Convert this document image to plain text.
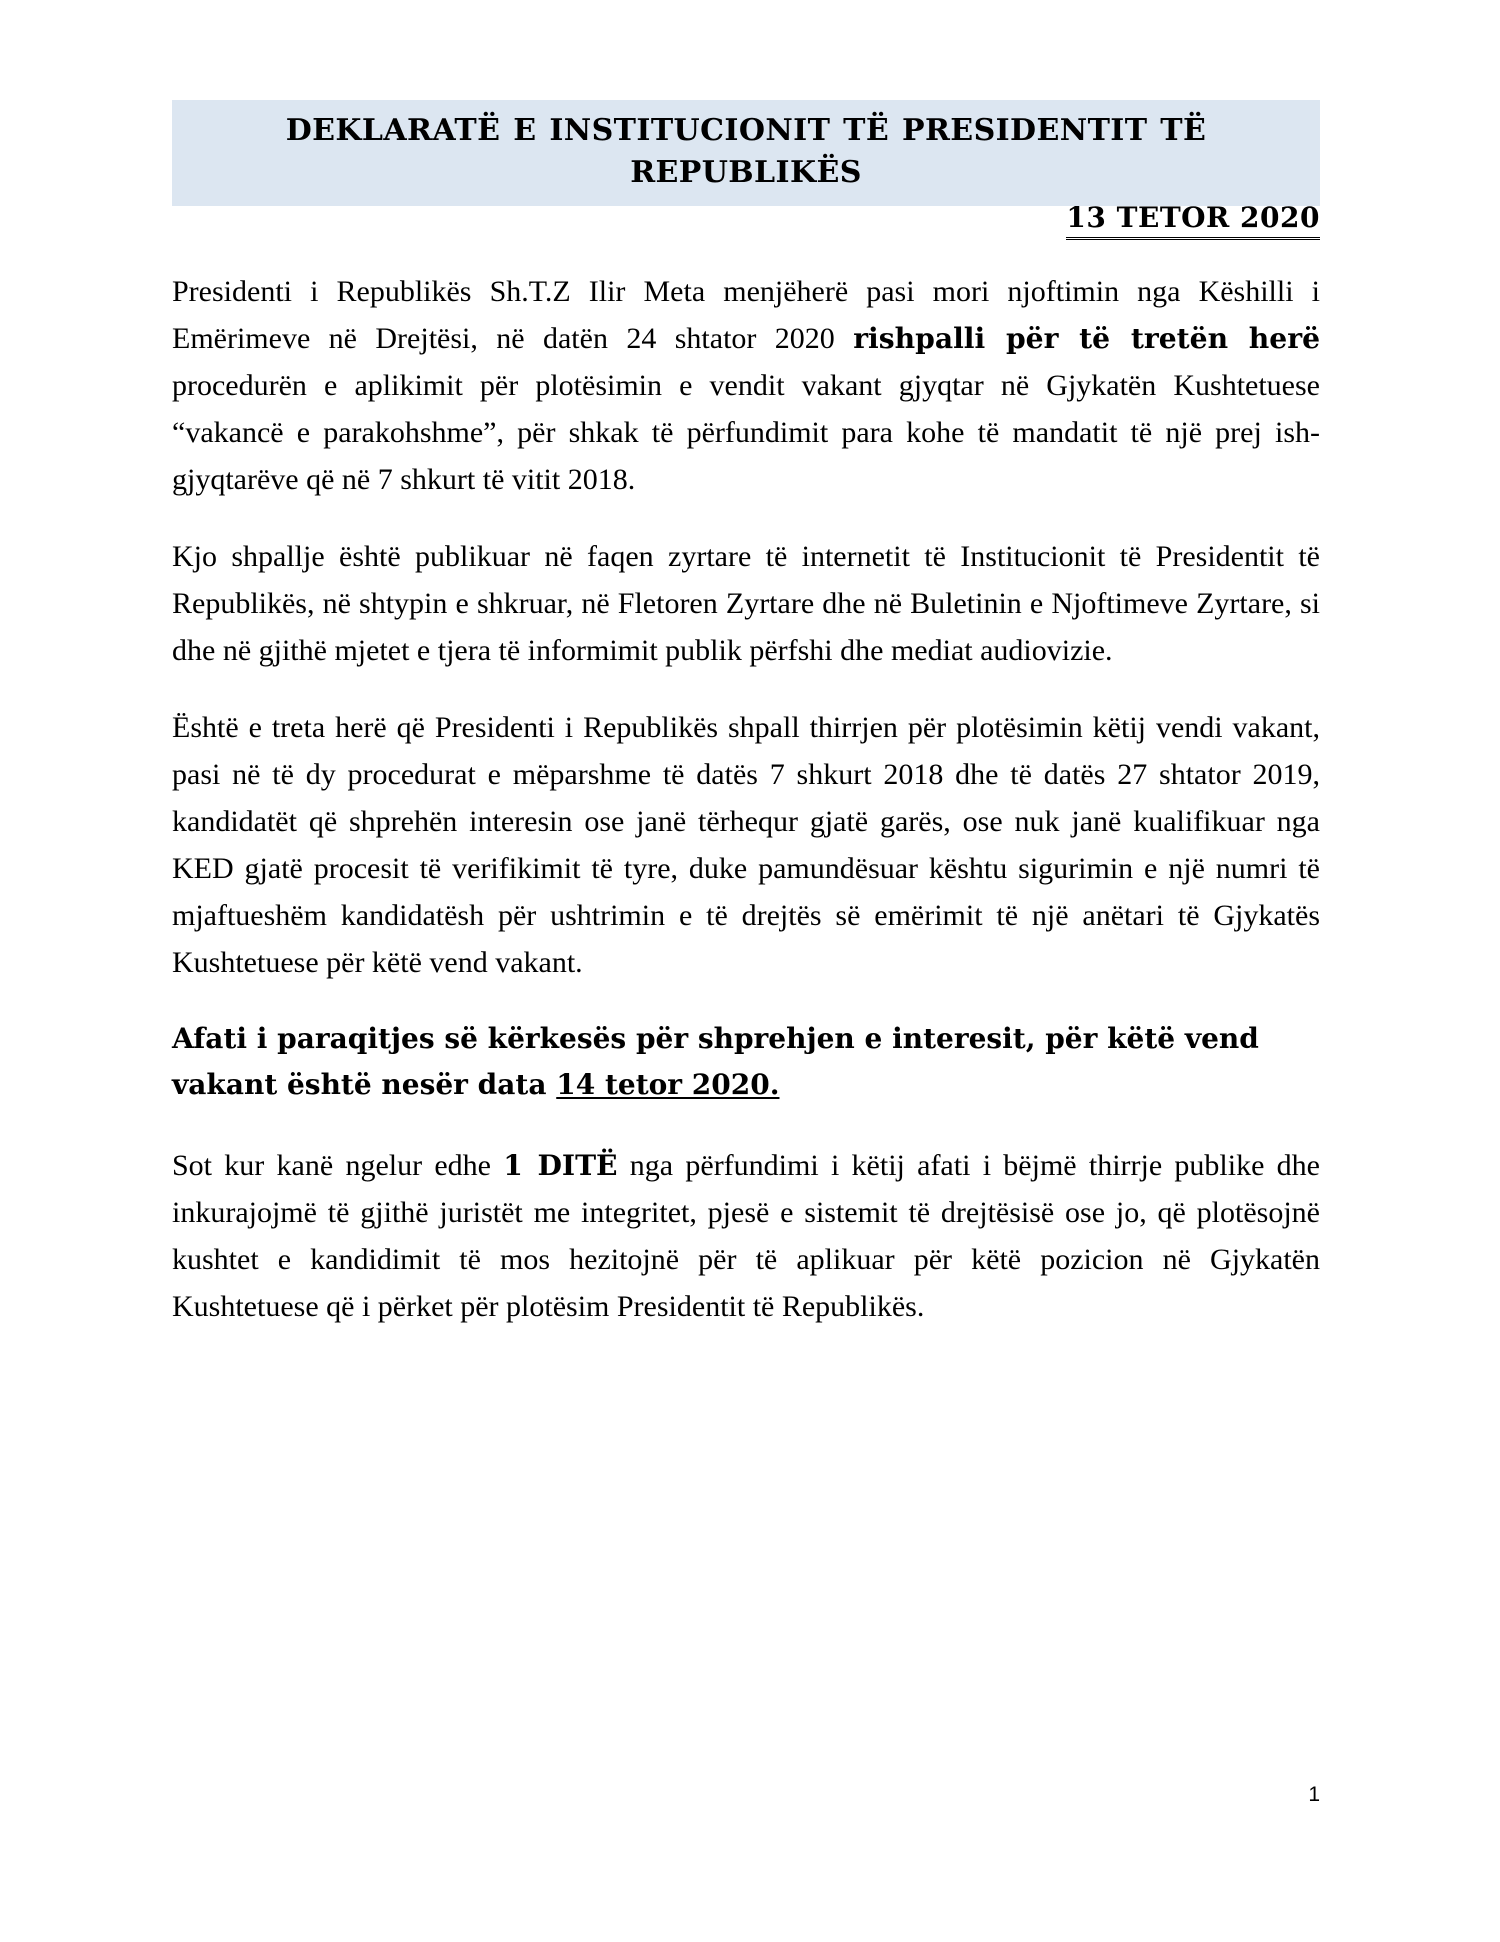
DEKLARATË E INSTITUCIONIT TË PRESIDENTIT TË REPUBLIKËS
13 TETOR 2020

Presidenti i Republikës Sh.T.Z Ilir Meta menjëherë pasi mori njoftimin nga Këshilli i Emërimeve në Drejtësi, në datën 24 shtator 2020 rishpalli për të tretën herë procedurën e aplikimit për plotësimin e vendit vakant gjyqtar në Gjykatën Kushtetuese “vakancë e parakohshme”, për shkak të përfundimit para kohe të mandatit të një prej ish-gjyqtarëve që në 7 shkurt të vitit 2018.

Kjo shpallje është publikuar në faqen zyrtare të internetit të Institucionit të Presidentit të Republikës, në shtypin e shkruar, në Fletoren Zyrtare dhe në Buletinin e Njoftimeve Zyrtare, si dhe në gjithë mjetet e tjera të informimit publik përfshi dhe mediat audiovizie.

Është e treta herë që Presidenti i Republikës shpall thirrjen për plotësimin këtij vendi vakant, pasi në të dy procedurat e mëparshme të datës 7 shkurt 2018 dhe të datës 27 shtator 2019, kandidatët që shprehën interesin ose janë tërhequr gjatë garës, ose nuk janë kualifikuar nga KED gjatë procesit të verifikimit të tyre, duke pamundësuar kështu sigurimin e një numri të mjaftueshëm kandidatësh për ushtrimin e të drejtës së emërimit të një anëtari të Gjykatës Kushtetuese për këtë vend vakant.

Afati i paraqitjes së kërkesës për shprehjen e interesit, për këtë vend vakant është nesër data 14 tetor 2020.

Sot kur kanë ngelur edhe 1 DITË nga përfundimi i këtij afati i bëjmë thirrje publike dhe inkurajojmë të gjithë juristët me integritet, pjesë e sistemit të drejtësisë ose jo, që plotësojnë kushtet e kandidimit të mos hezitojnë për të aplikuar për këtë pozicion në Gjykatën Kushtetuese që i përket për plotësim Presidentit të Republikës.

1
